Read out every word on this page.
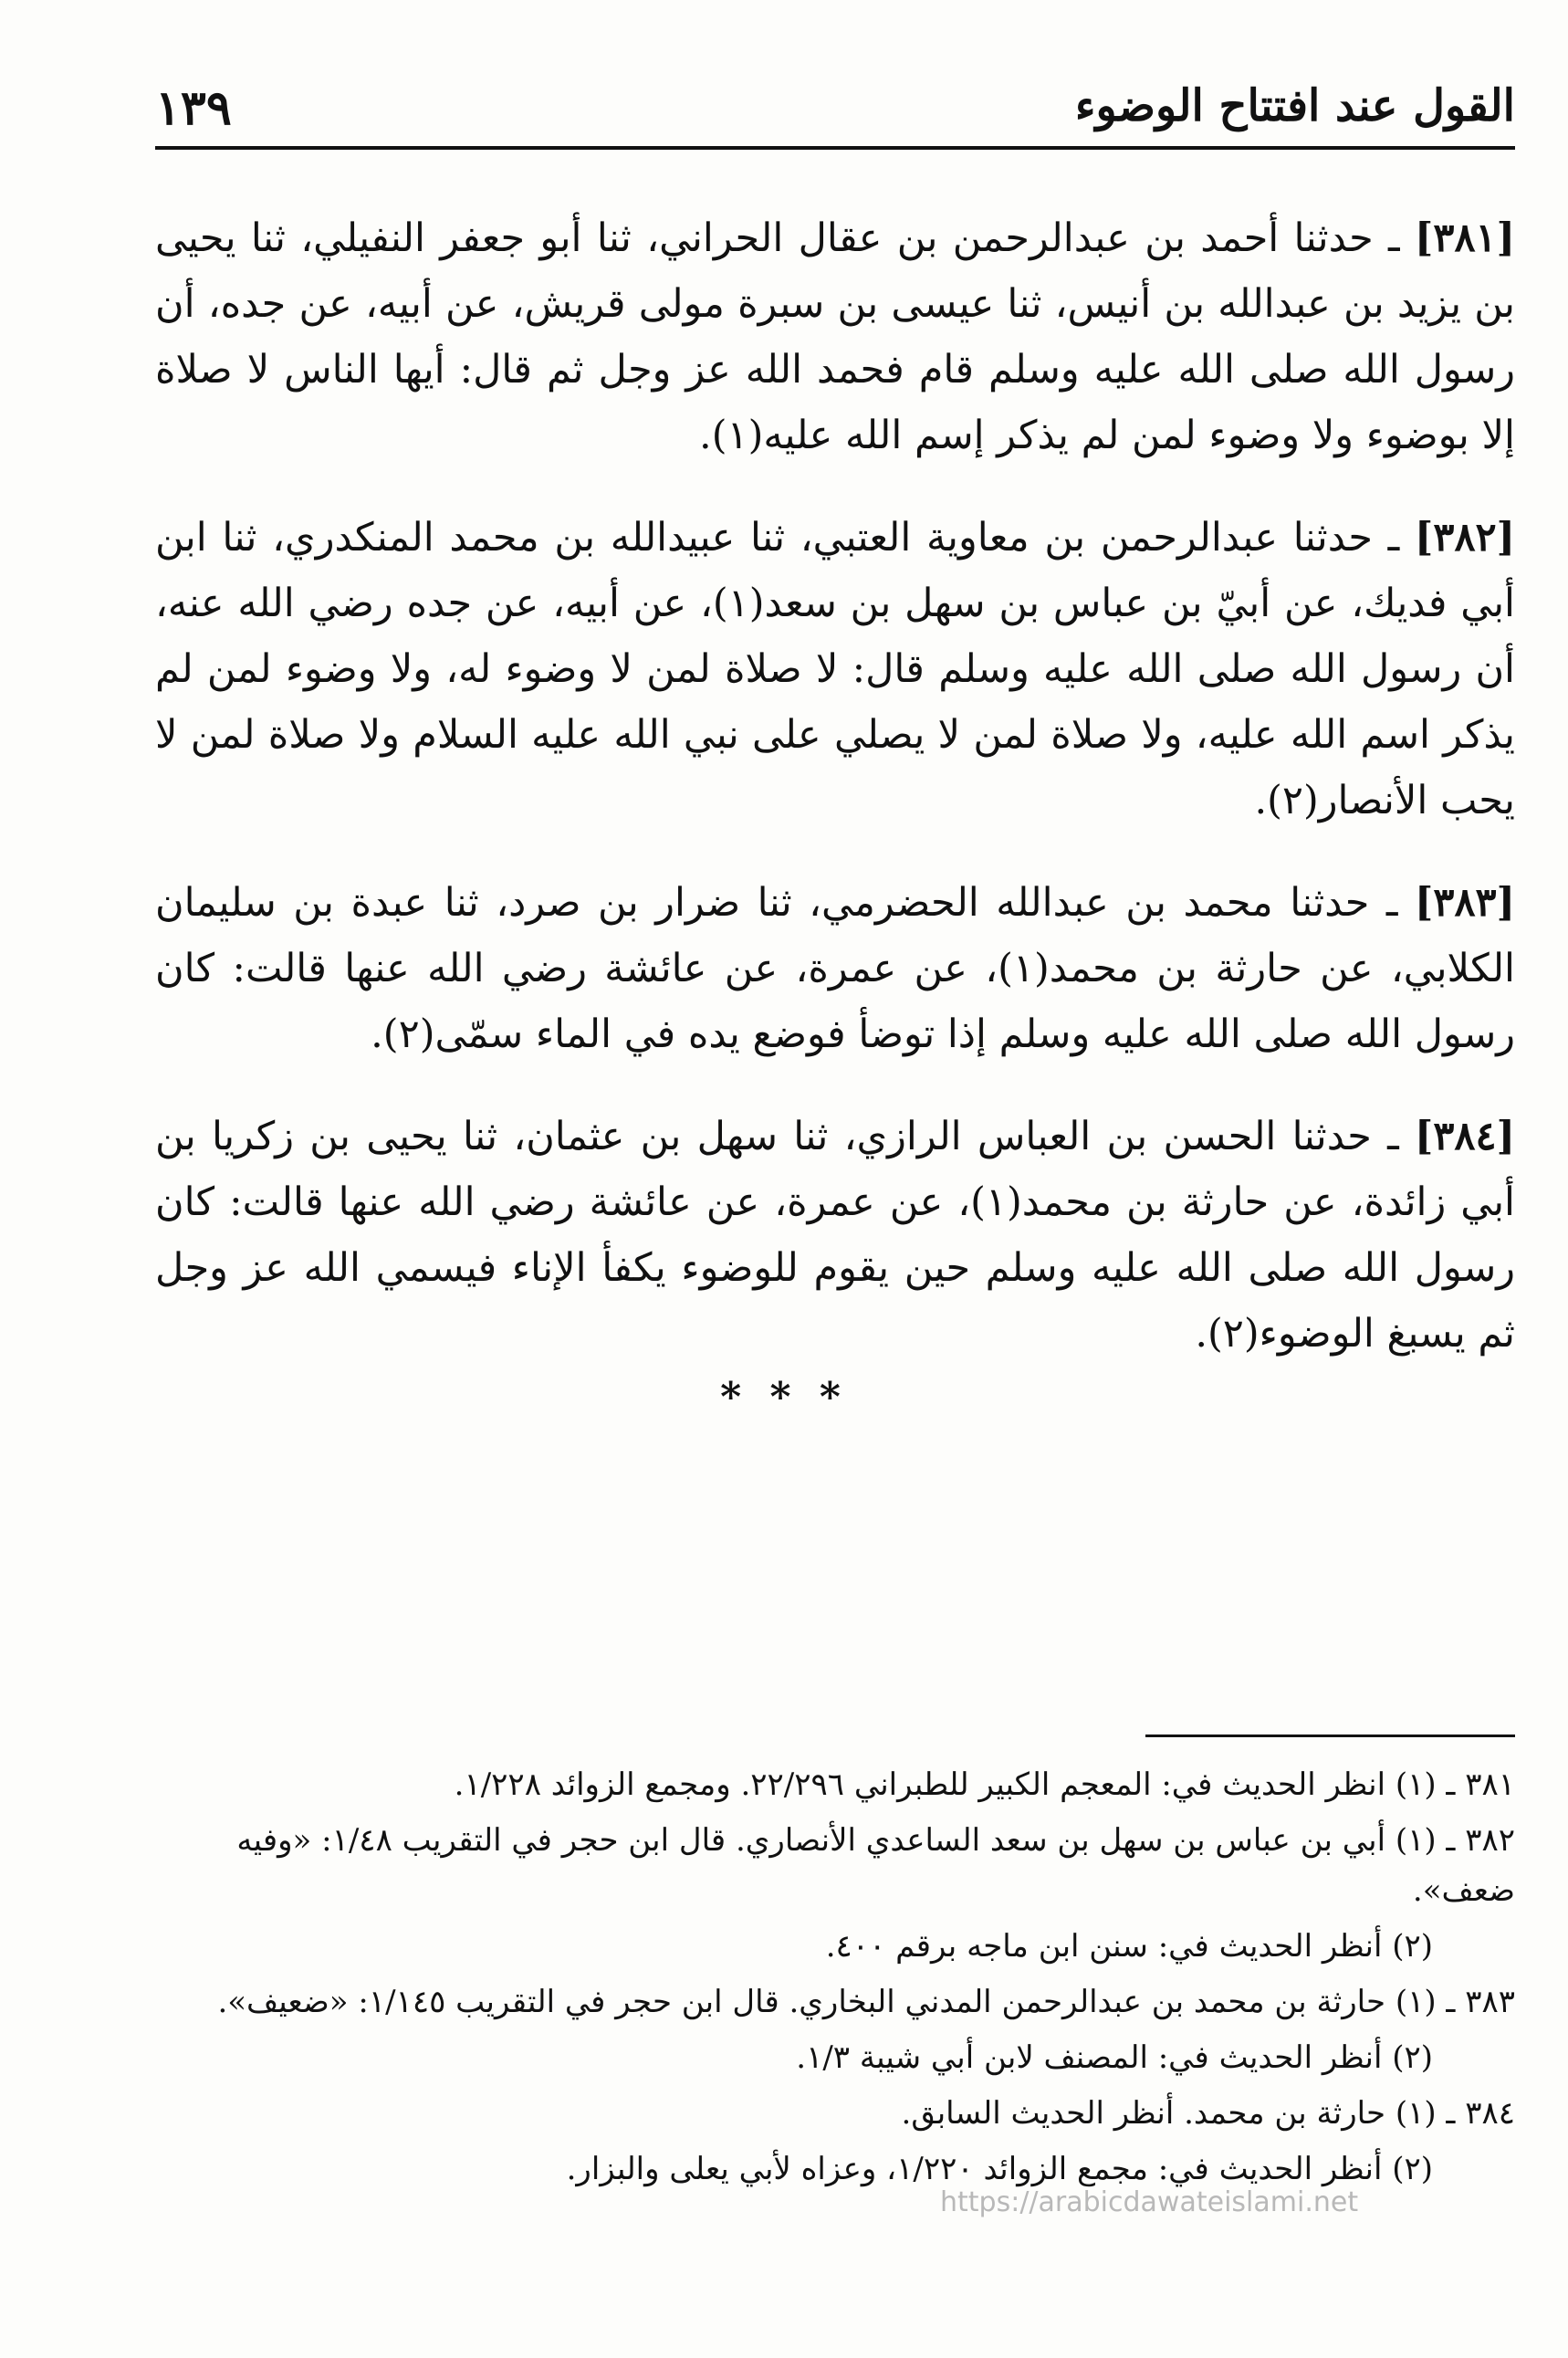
١٣٩	القول عند افتتاح الوضوء

[٣٨١] ـ حدثنا أحمد بن عبدالرحمن بن عقال الحراني، ثنا أبو جعفر النفيلي، ثنا يحيى بن يزيد بن عبدالله بن أنيس، ثنا عيسى بن سبرة مولى قريش، عن أبيه، عن جده، أن رسول الله صلى الله عليه وسلم قام فحمد الله عز وجل ثم قال: أيها الناس لا صلاة إلا بوضوء ولا وضوء لمن لم يذكر إسم الله عليه(١).

[٣٨٢] ـ حدثنا عبدالرحمن بن معاوية العتبي، ثنا عبيدالله بن محمد المنكدري، ثنا ابن أبي فديك، عن أبيّ بن عباس بن سهل بن سعد(١)، عن أبيه، عن جده رضي الله عنه، أن رسول الله صلى الله عليه وسلم قال: لا صلاة لمن لا وضوء له، ولا وضوء لمن لم يذكر اسم الله عليه، ولا صلاة لمن لا يصلي على نبي الله عليه السلام ولا صلاة لمن لا يحب الأنصار(٢).

[٣٨٣] ـ حدثنا محمد بن عبدالله الحضرمي، ثنا ضرار بن صرد، ثنا عبدة بن سليمان الكلابي، عن حارثة بن محمد(١)، عن عمرة، عن عائشة رضي الله عنها قالت: كان رسول الله صلى الله عليه وسلم إذا توضأ فوضع يده في الماء سمّى(٢).

[٣٨٤] ـ حدثنا الحسن بن العباس الرازي، ثنا سهل بن عثمان، ثنا يحيى بن زكريا بن أبي زائدة، عن حارثة بن محمد(١)، عن عمرة، عن عائشة رضي الله عنها قالت: كان رسول الله صلى الله عليه وسلم حين يقوم للوضوء يكفأ الإناء فيسمي الله عز وجل ثم يسبغ الوضوء(٢).

* * *

٣٨١ ـ (١) انظر الحديث في: المعجم الكبير للطبراني ٢٢/٢٩٦. ومجمع الزوائد ١/٢٢٨.

٣٨٢ ـ (١) أبي بن عباس بن سهل بن سعد الساعدي الأنصاري. قال ابن حجر في التقريب ١/٤٨: «وفيه ضعف».

(٢) أنظر الحديث في: سنن ابن ماجه برقم ٤٠٠.

٣٨٣ ـ (١) حارثة بن محمد بن عبدالرحمن المدني البخاري. قال ابن حجر في التقريب ١/١٤٥: «ضعيف».

(٢) أنظر الحديث في: المصنف لابن أبي شيبة ١/٣.

٣٨٤ ـ (١) حارثة بن محمد. أنظر الحديث السابق.

(٢) أنظر الحديث في: مجمع الزوائد ١/٢٢٠، وعزاه لأبي يعلى والبزار.

https://arabicdawateislami.net
